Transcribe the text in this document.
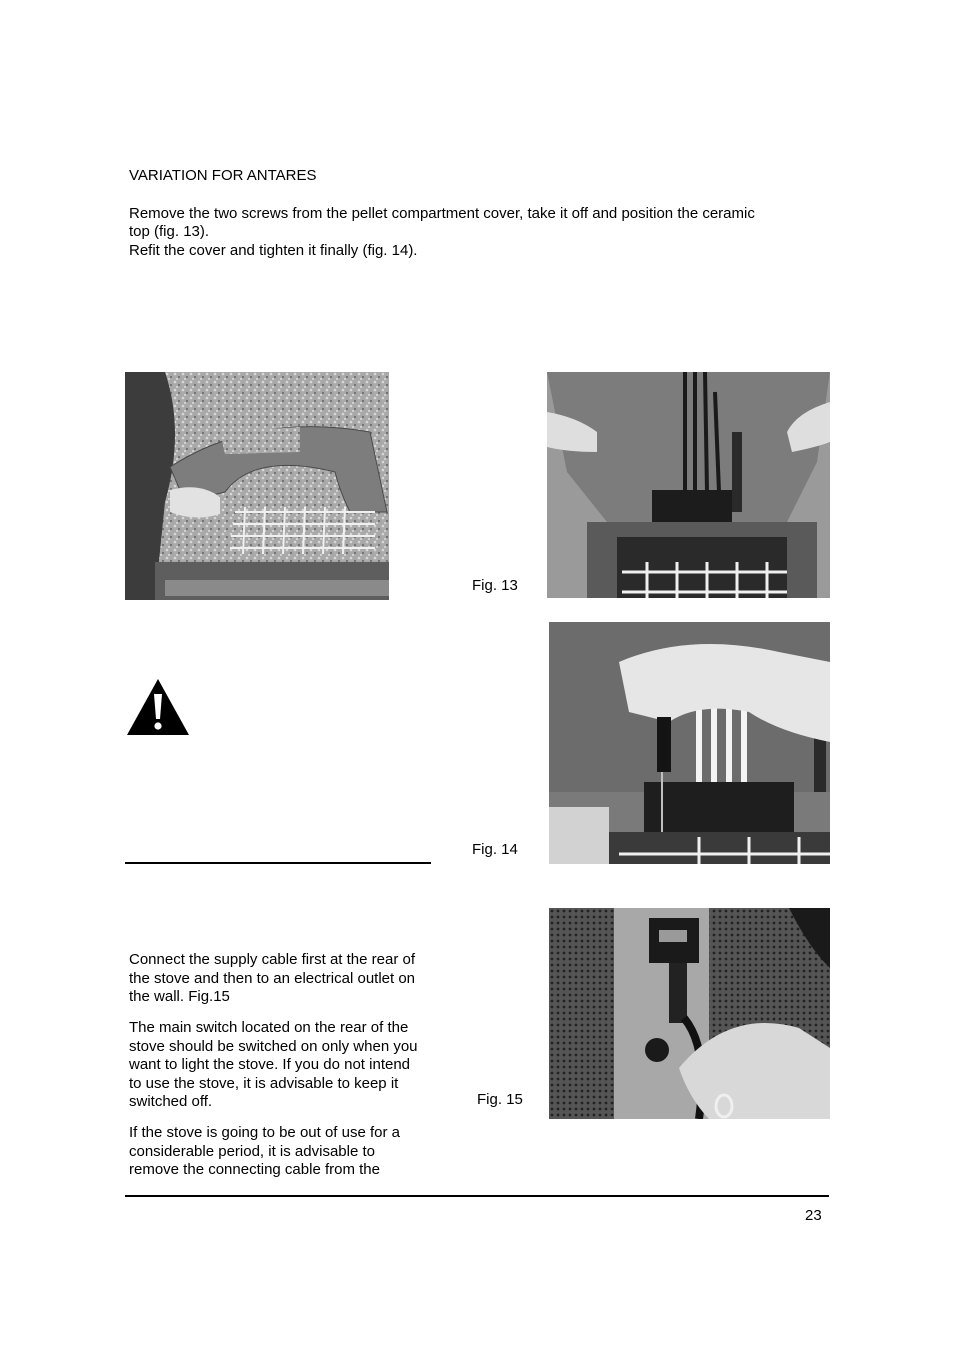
VARIATION FOR ANTARES
Remove the two screws from the pellet compartment cover, take it off and position the ceramic
top (fig. 13).
Refit the cover and tighten it finally (fig. 14).
Fig. 13
Fig. 14

Connect the supply cable first at the rear of

the stove and then to an electrical outlet on

the wall. Fig.15

The main switch located on the rear of the

stove should be switched on only when you

want to light the stove. If you do not intend

to use the stove, it is advisable to keep it

switched off.

If the stove is going to be out of use for a

considerable period, it is advisable to

remove the connecting cable from the

Fig. 15
23
